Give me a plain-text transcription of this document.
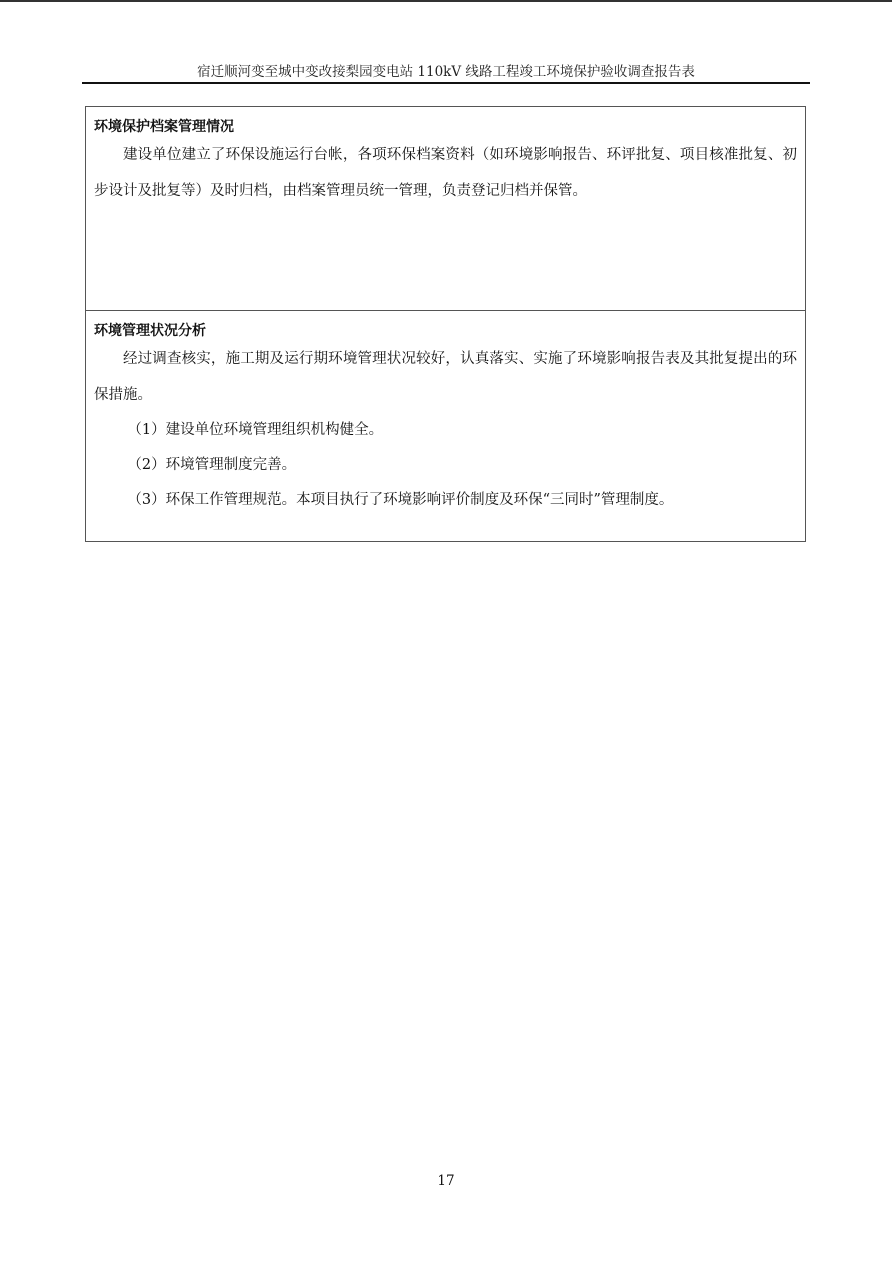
宿迁顺河变至城中变改接梨园变电站 110kV 线路工程竣工环境保护验收调查报告表
环境保护档案管理情况

建设单位建立了环保设施运行台帐，各项环保档案资料（如环境影响报告、环评批复、项目核准批复、初步设计及批复等）及时归档，由档案管理员统一管理，负责登记归档并保管。

环境管理状况分析

经过调查核实，施工期及运行期环境管理状况较好，认真落实、实施了环境影响报告表及其批复提出的环保措施。

（1）建设单位环境管理组织机构健全。

（2）环境管理制度完善。

（3）环保工作管理规范。本项目执行了环境影响评价制度及环保“三同时”管理制度。

17
